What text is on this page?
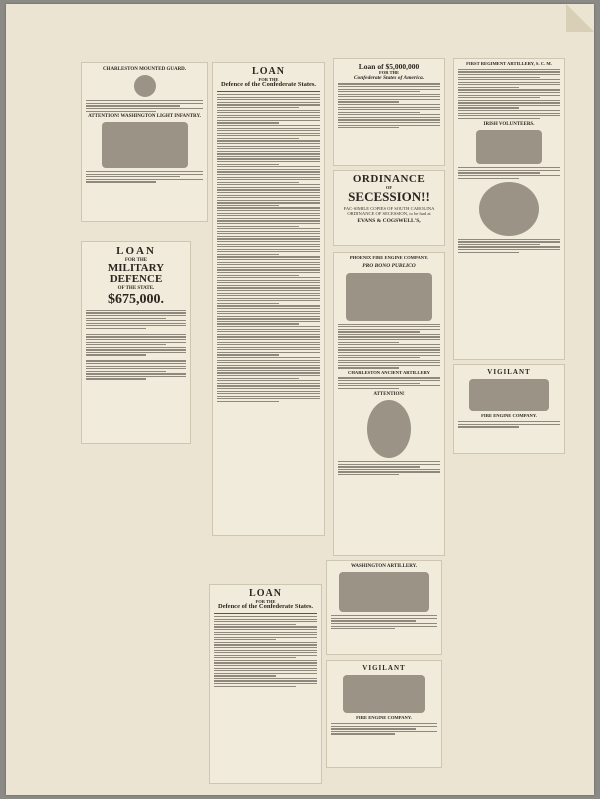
CHARLESTON MOUNTED GUARD.
ATTENTION! WASHINGTON LIGHT INFANTRY.
LOAN
FOR THE
MILITARY DEFENCE
OF THE STATE.
$675,000.
LOAN
FOR THE
Defence of the Confederate States.
LOAN
FOR THE
Defence of the Confederate States.
Loan of $5,000,000
FOR THE
Confederate States of America.
ORDINANCE
OF
SECESSION!!
FAC-SIMILE COPIES OF SOUTH CAROLINA ORDINANCE OF SECESSION, to be had at
EVANS & COGSWELL'S,
PHOENIX FIRE ENGINE COMPANY.
PRO BONO PUBLICO
CHARLESTON ANCIENT ARTILLERY
ATTENTION!
WASHINGTON ARTILLERY.
VIGILANT
FIRE ENGINE COMPANY.
FIRST REGIMENT ARTILLERY, S. C. M.
IRISH VOLUNTEERS.
VIGILANT
FIRE ENGINE COMPANY.
